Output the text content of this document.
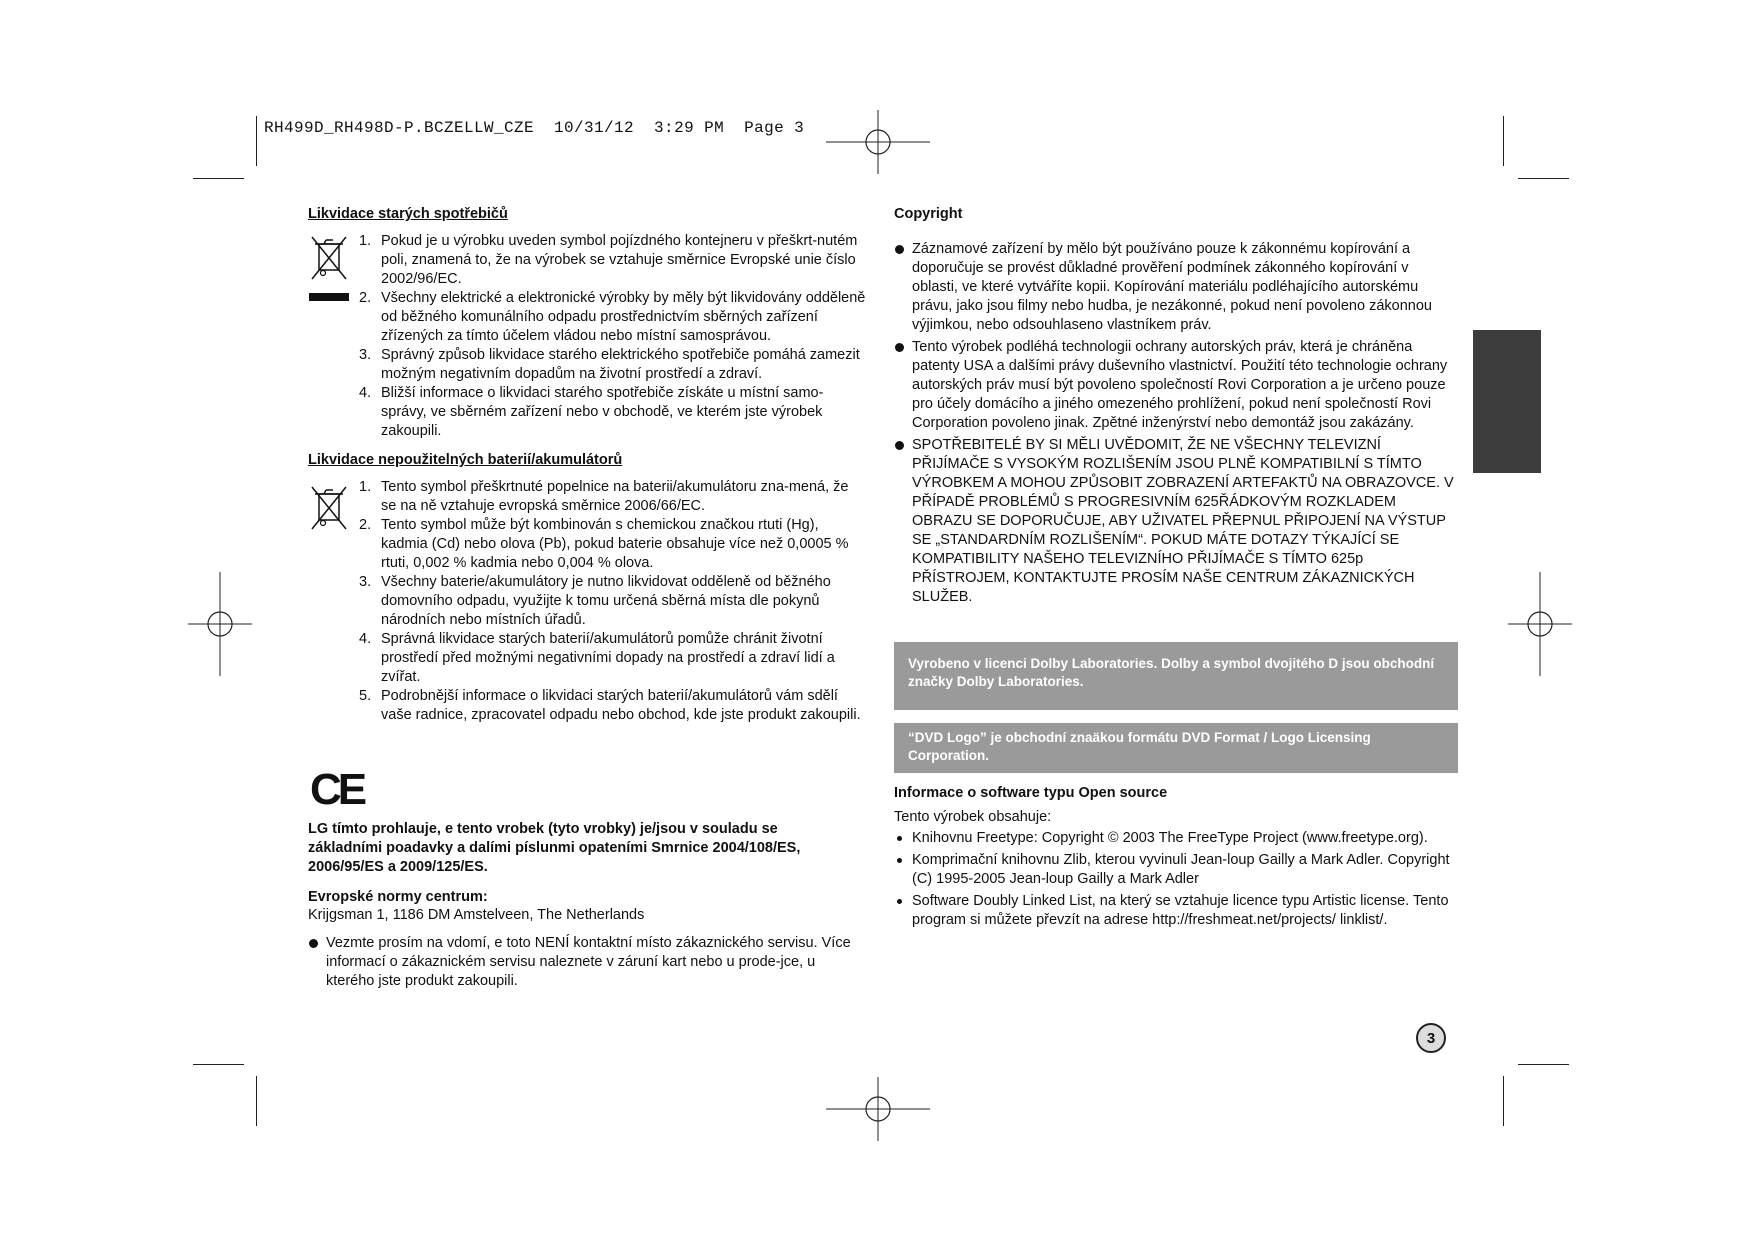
RH499D_RH498D-P.BCZELLW_CZE  10/31/12  3:29 PM  Page 3
Likvidace starých spotřebičů
1. Pokud je u výrobku uveden symbol pojízdného kontejneru v přeškrt-nutém poli, znamená to, že na výrobek se vztahuje směrnice Evropské unie číslo 2002/96/EC.
2. Všechny elektrické a elektronické výrobky by měly být likvidovány odděleně od běžného komunálního odpadu prostřednictvím sběrných zařízení zřízených za tímto účelem vládou nebo místní samosprávou.
3. Správný způsob likvidace starého elektrického spotřebiče pomáhá zamezit možným negativním dopadům na životní prostředí a zdraví.
4. Bližší informace o likvidaci starého spotřebiče získáte u místní samo-správy, ve sběrném zařízení nebo v obchodě, ve kterém jste výrobek zakoupili.
Likvidace nepoužitelných baterií/akumulátorů
1. Tento symbol přeškrtnuté popelnice na baterii/akumulátoru zna-mená, že se na ně vztahuje evropská směrnice 2006/66/EC.
2. Tento symbol může být kombinován s chemickou značkou rtuti (Hg), kadmia (Cd) nebo olova (Pb), pokud baterie obsahuje více než 0,0005 % rtuti, 0,002 % kadmia nebo 0,004 % olova.
3. Všechny baterie/akumulátory je nutno likvidovat odděleně od běžného domovního odpadu, využijte k tomu určená sběrná místa dle pokynů národních nebo místních úřadů.
4. Správná likvidace starých baterií/akumulátorů pomůže chránit životní prostředí před možnými negativními dopady na prostředí a zdraví lidí a zvířat.
5. Podrobnější informace o likvidaci starých baterií/akumulátorů vám sdělí vaše radnice, zpracovatel odpadu nebo obchod, kde jste produkt zakoupili.
CE
LG tímto prohlauje, e tento vrobek (tyto vrobky) je/jsou v souladu se základními poadavky a dalími píslunmi opateními Smrnice 2004/108/ES, 2006/95/ES a 2009/125/ES.
Evropské normy centrum:
Krijgsman 1, 1186 DM Amstelveen, The Netherlands
Vezmte prosím na vdomí, e toto NENÍ kontaktní místo zákaznického servisu. Více informací o zákaznickém servisu naleznete v záruní kart nebo u prode-jce, u kterého jste produkt zakoupili.
Copyright
Záznamové zařízení by mělo být používáno pouze k zákonnému kopírování a doporučuje se provést důkladné prověření podmínek zákonného kopírování v oblasti, ve které vytváříte kopii. Kopírování materiálu podléhajícího autorskému právu, jako jsou filmy nebo hudba, je nezákonné, pokud není povoleno zákonnou výjimkou, nebo odsouhlaseno vlastníkem práv.
Tento výrobek podléhá technologii ochrany autorských práv, která je chráněna patenty USA a dalšími právy duševního vlastnictví. Použití této technologie ochrany autorských práv musí být povoleno společností Rovi Corporation a je určeno pouze pro účely domácího a jiného omezeného prohlížení, pokud není společností Rovi Corporation povoleno jinak. Zpětné inženýrství nebo demontáž jsou zakázány.
SPOTŘEBITELÉ BY SI MĚLI UVĚDOMIT, ŽE NE VŠECHNY TELEVIZNÍ PŘIJÍMAČE S VYSOKÝM ROZLIŠENÍM JSOU PLNĚ KOMPATIBILNÍ S TÍMTO VÝROBKEM A MOHOU ZPŮSOBIT ZOBRAZENÍ ARTEFAKTŮ NA OBRAZOVCE. V PŘÍPADĚ PROBLÉMŮ S PROGRESIVNÍM 625ŘÁDKOVÝM ROZKLADEM OBRAZU SE DOPORUČUJE, ABY UŽIVATEL PŘEPNUL PŘIPOJENÍ NA VÝSTUP SE „STANDARDNÍM ROZLIŠENÍM“. POKUD MÁTE DOTAZY TÝKAJÍCÍ SE KOMPATIBILITY NAŠEHO TELEVIZNÍHO PŘIJÍMAČE S TÍMTO 625p PŘÍSTROJEM, KONTAKTUJTE PROSÍM NAŠE CENTRUM ZÁKAZNICKÝCH SLUŽEB.
Vyrobeno v licenci Dolby Laboratories. Dolby a symbol dvojitého D jsou obchodní značky Dolby Laboratories.
“DVD Logo” je obchodní znaäkou formátu DVD Format / Logo Licensing Corporation.
Informace o software typu Open source
Tento výrobek obsahuje:
Knihovnu Freetype: Copyright © 2003 The FreeType Project (www.freetype.org).
Komprimační knihovnu Zlib, kterou vyvinuli Jean-loup Gailly a Mark Adler. Copyright (C) 1995-2005 Jean-loup Gailly a Mark Adler
Software Doubly Linked List, na který se vztahuje licence typu Artistic license. Tento program si můžete převzít na adrese http://freshmeat.net/projects/ linklist/.
3
